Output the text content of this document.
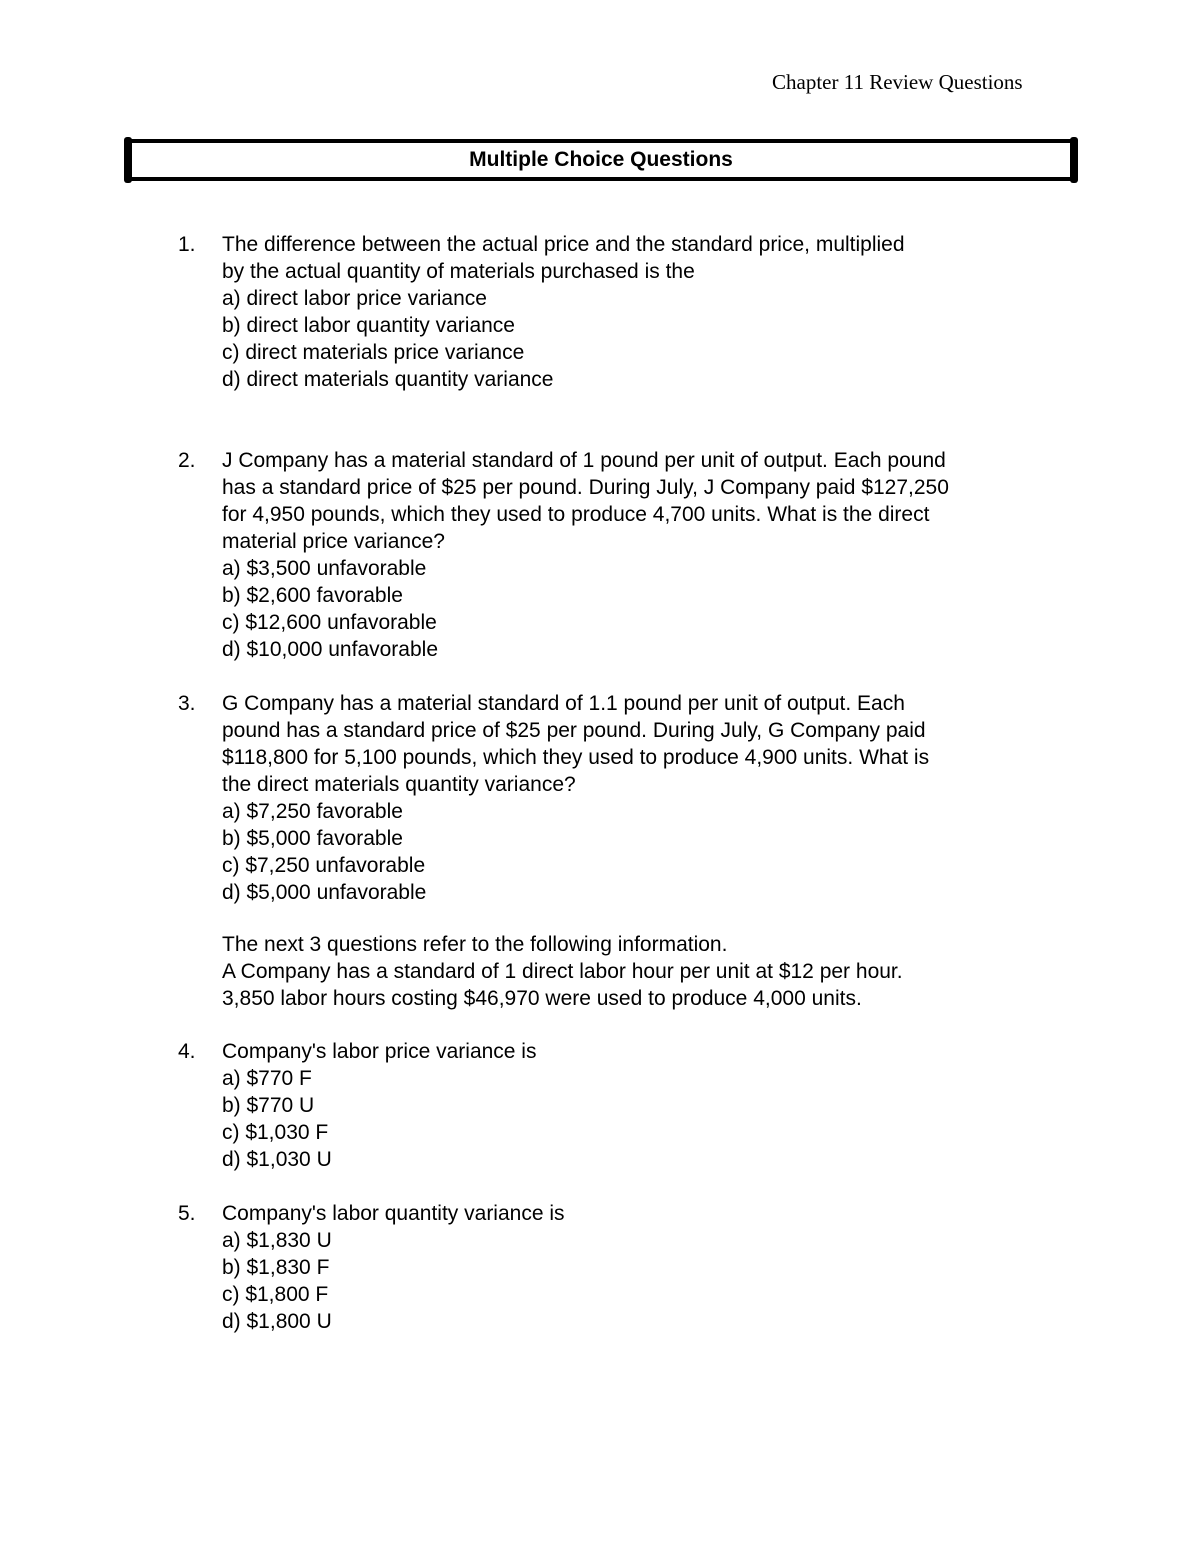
Chapter 11 Review Questions
Multiple Choice Questions
1.	The difference between the actual price and the standard price, multiplied
by the actual quantity of materials purchased is the
a) direct labor price variance
b) direct labor quantity variance
c) direct materials price variance
d) direct materials quantity variance
2.	J Company has a material standard of 1 pound per unit of output. Each pound
has a standard price of $25 per pound. During July, J Company paid $127,250
for 4,950 pounds, which they used to produce 4,700 units. What is the direct
material price variance?
a) $3,500 unfavorable
b) $2,600 favorable
c) $12,600 unfavorable
d) $10,000 unfavorable
3.	G Company has a material standard of 1.1 pound per unit of output. Each
pound has a standard price of $25 per pound. During July, G Company paid
$118,800 for 5,100 pounds, which they used to produce 4,900 units. What is
the direct materials quantity variance?
a) $7,250 favorable
b) $5,000 favorable
c) $7,250 unfavorable
d) $5,000 unfavorable
The next 3 questions refer to the following information.
A Company has a standard of 1 direct labor hour per unit at $12 per hour.
3,850 labor hours costing $46,970 were used to produce 4,000 units.
4.	Company's labor price variance is
a) $770 F
b) $770 U
c) $1,030 F
d) $1,030 U
5.	Company's labor quantity variance is
a) $1,830 U
b) $1,830 F
c) $1,800 F
d) $1,800 U
